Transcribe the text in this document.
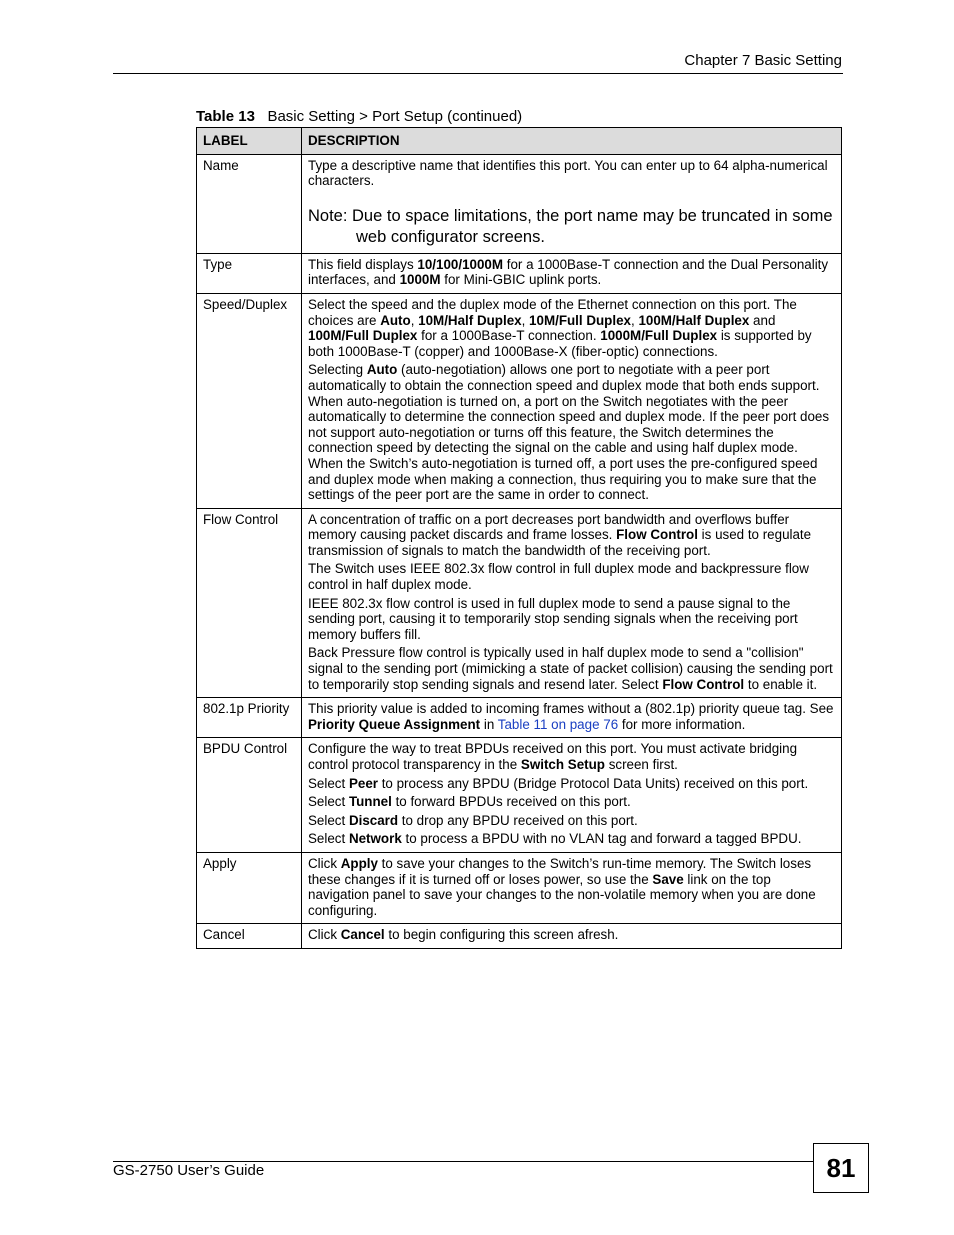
Chapter 7 Basic Setting
Table 13 Basic Setting > Port Setup (continued)
LABEL	DESCRIPTION
Name	Type a descriptive name that identifies this port. You can enter up to 64 alpha-numerical characters.

Note: Due to space limitations, the port name may be truncated in some web configurator screens.

Type	This field displays 10/100/1000M for a 1000Base-T connection and the Dual Personality interfaces, and 1000M for Mini-GBIC uplink ports.

Speed/Duplex	Select the speed and the duplex mode of the Ethernet connection on this port. The choices are Auto, 10M/Half Duplex, 10M/Full Duplex, 100M/Half Duplex and 100M/Full Duplex for a 1000Base-T connection. 1000M/Full Duplex is supported by both 1000Base-T (copper) and 1000Base-X (fiber-optic) connections.

Selecting Auto (auto-negotiation) allows one port to negotiate with a peer port automatically to obtain the connection speed and duplex mode that both ends support. When auto-negotiation is turned on, a port on the Switch negotiates with the peer automatically to determine the connection speed and duplex mode. If the peer port does not support auto-negotiation or turns off this feature, the Switch determines the connection speed by detecting the signal on the cable and using half duplex mode. When the Switch’s auto-negotiation is turned off, a port uses the pre-configured speed and duplex mode when making a connection, thus requiring you to make sure that the settings of the peer port are the same in order to connect.

Flow Control	A concentration of traffic on a port decreases port bandwidth and overflows buffer memory causing packet discards and frame losses. Flow Control is used to regulate transmission of signals to match the bandwidth of the receiving port.

The Switch uses IEEE 802.3x flow control in full duplex mode and backpressure flow control in half duplex mode.

IEEE 802.3x flow control is used in full duplex mode to send a pause signal to the sending port, causing it to temporarily stop sending signals when the receiving port memory buffers fill.

Back Pressure flow control is typically used in half duplex mode to send a "collision" signal to the sending port (mimicking a state of packet collision) causing the sending port to temporarily stop sending signals and resend later. Select Flow Control to enable it.

802.1p Priority	This priority value is added to incoming frames without a (802.1p) priority queue tag. See Priority Queue Assignment in Table 11 on page 76 for more information.

BPDU Control	Configure the way to treat BPDUs received on this port. You must activate bridging control protocol transparency in the Switch Setup screen first.

Select Peer to process any BPDU (Bridge Protocol Data Units) received on this port.

Select Tunnel to forward BPDUs received on this port.

Select Discard to drop any BPDU received on this port.

Select Network to process a BPDU with no VLAN tag and forward a tagged BPDU.

Apply	Click Apply to save your changes to the Switch’s run-time memory. The Switch loses these changes if it is turned off or loses power, so use the Save link on the top navigation panel to save your changes to the non-volatile memory when you are done configuring.

Cancel	Click Cancel to begin configuring this screen afresh.

GS-2750 User’s Guide	81
